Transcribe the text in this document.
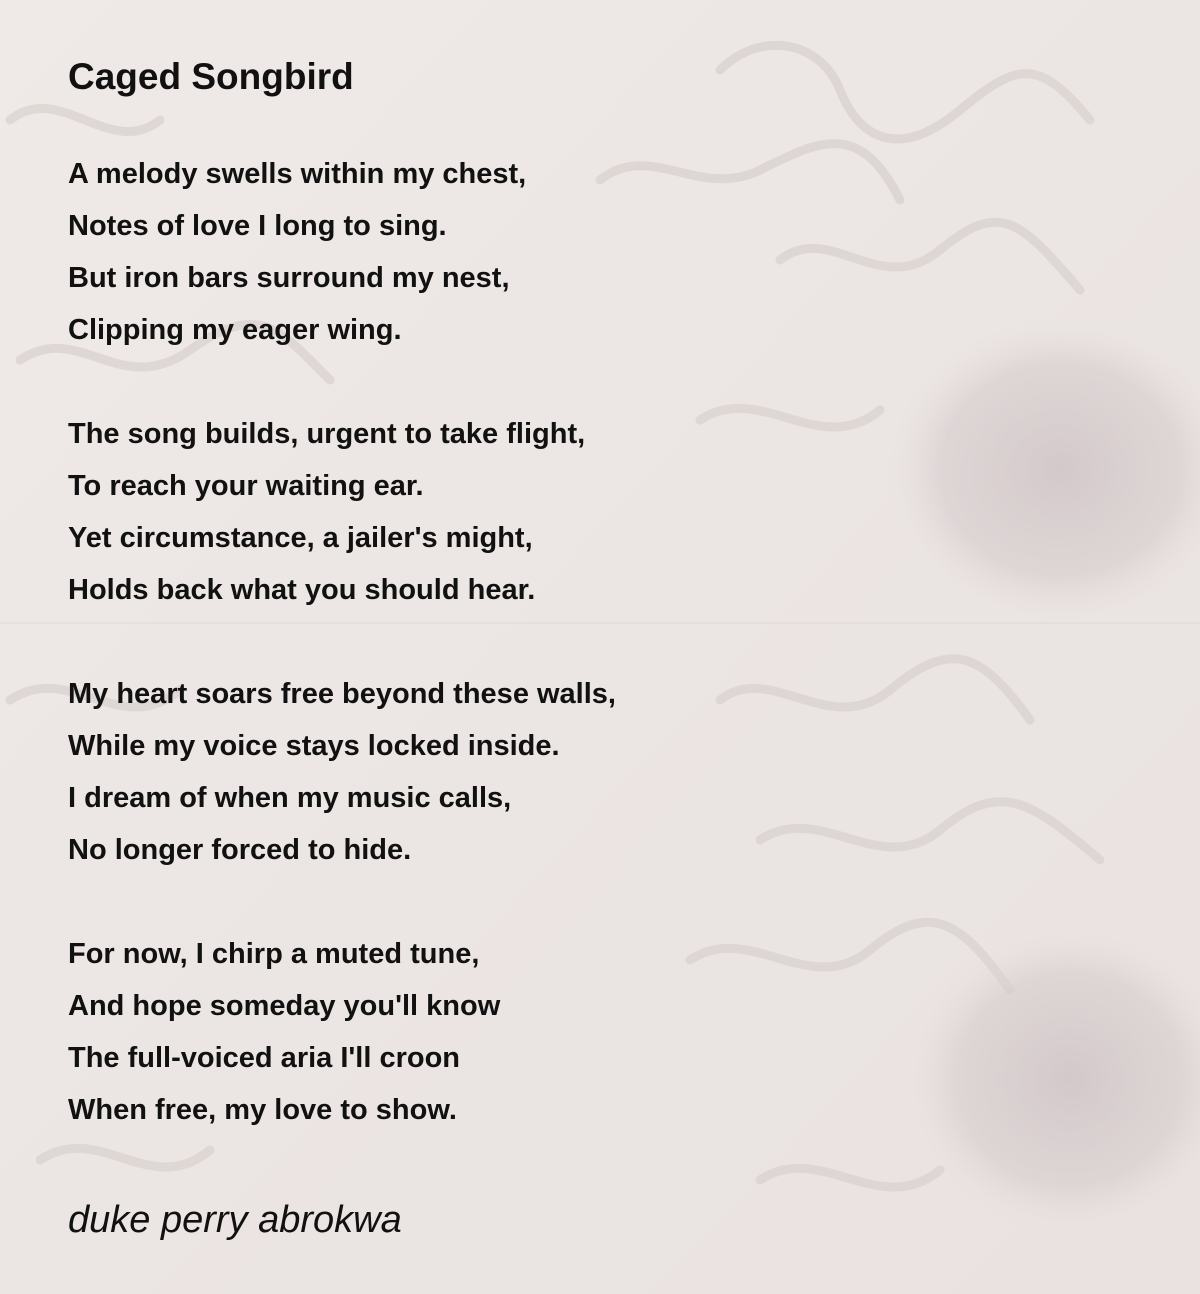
Caged Songbird
A melody swells within my chest,
Notes of love I long to sing.
But iron bars surround my nest,
Clipping my eager wing.
The song builds, urgent to take flight,
To reach your waiting ear.
Yet circumstance, a jailer's might,
Holds back what you should hear.
My heart soars free beyond these walls,
While my voice stays locked inside.
I dream of when my music calls,
No longer forced to hide.
For now, I chirp a muted tune,
And hope someday you'll know
The full-voiced aria I'll croon
When free, my love to show.

duke perry abrokwa
